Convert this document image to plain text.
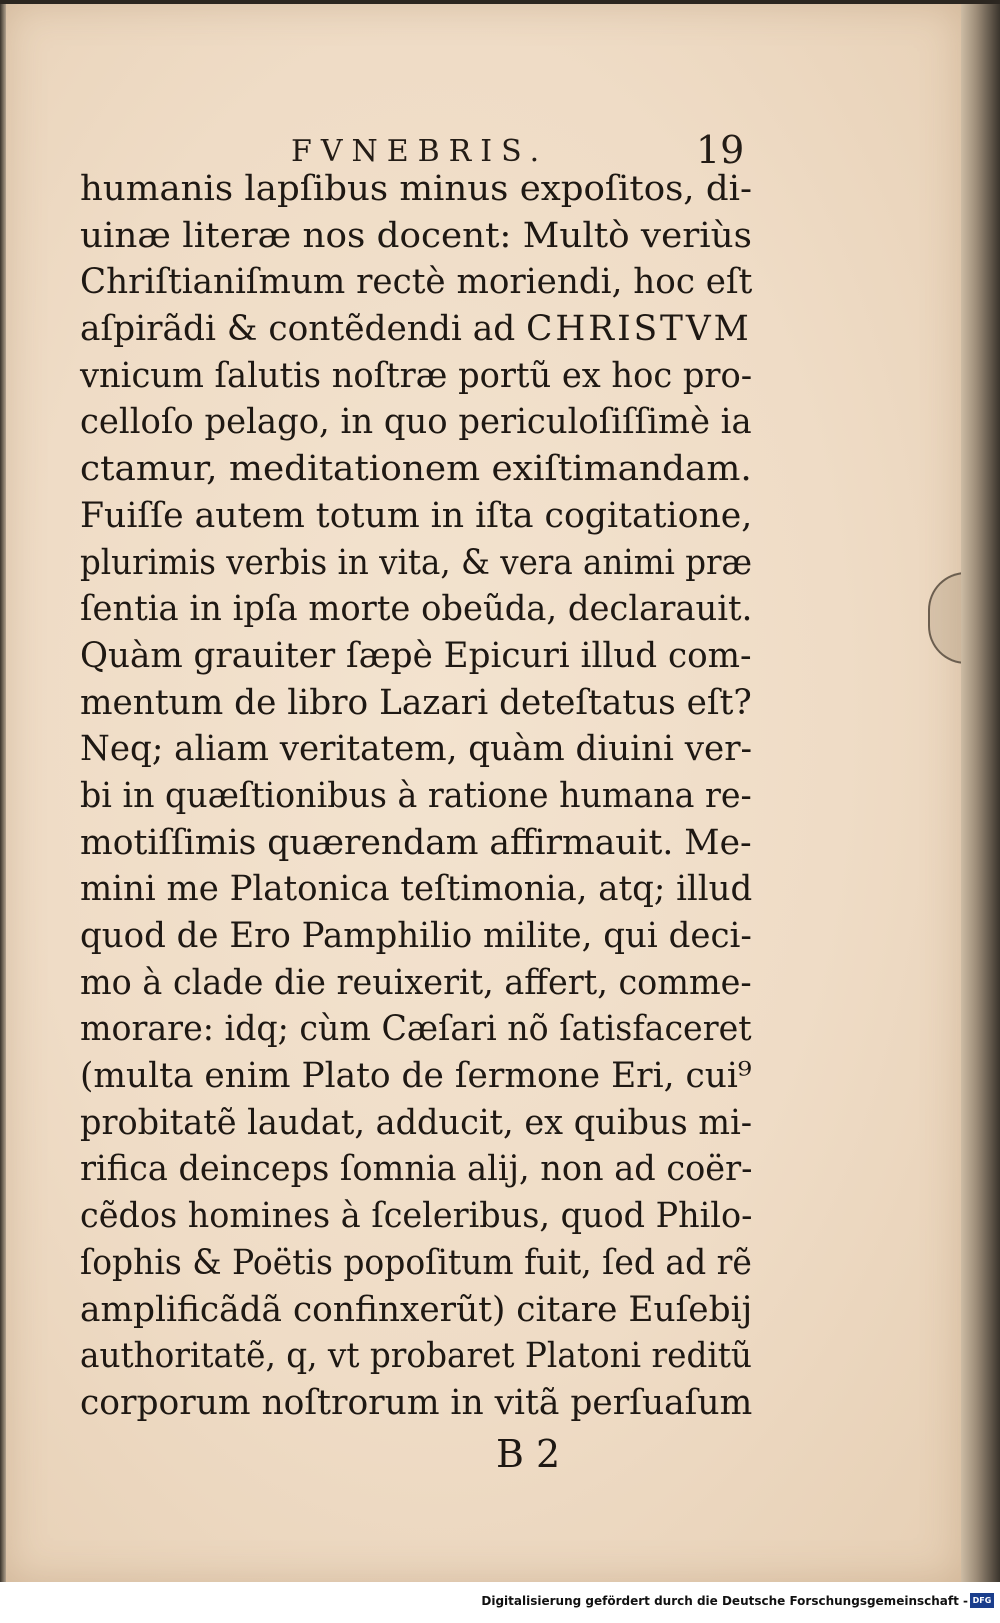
FVNEBRIS.	19
humanis lapſibus minus expoſitos, di-
uinæ literæ nos docent: Multò veriùs
Chriſtianiſmum rectè moriendi, hoc eſt
aſpirãdi & contẽdendi ad CHRISTVM
vnicum ſalutis noſtræ portũ ex hoc pro-
celloſo pelago, in quo periculoſiſſimè ia
ctamur, meditationem exiſtimandam.
Fuiſſe autem totum in iſta cogitatione,
plurimis verbis in vita, & vera animi præ
ſentia in ipſa morte obeũda, declarauit.
Quàm grauiter ſæpè Epicuri illud com-
mentum de libro Lazari deteſtatus eſt?
Neq; aliam veritatem, quàm diuini ver-
bi in quæſtionibus à ratione humana re-
motiſſimis quærendam affirmauit. Me-
mini me Platonica teſtimonia, atq; illud
quod de Ero Pamphilio milite, qui deci-
mo à clade die reuixerit, affert, comme-
morare: idq; cùm Cæſari nõ ſatisfaceret
(multa enim Plato de ſermone Eri, cui⁹
probitatẽ laudat, adducit, ex quibus mi-
rifica deinceps ſomnia alij, non ad coër-
cẽdos homines à ſceleribus, quod Philo-
ſophis & Poëtis popoſitum fuit, ſed ad rẽ
amplificãdã confinxerũt) citare Euſebij
authoritatẽ, q, vt probaret Platoni reditũ
corporum noſtrorum in vitã perſuaſum
B 2
Digitalisierung gefördert durch die Deutsche Forschungsgemeinschaft - DFG
